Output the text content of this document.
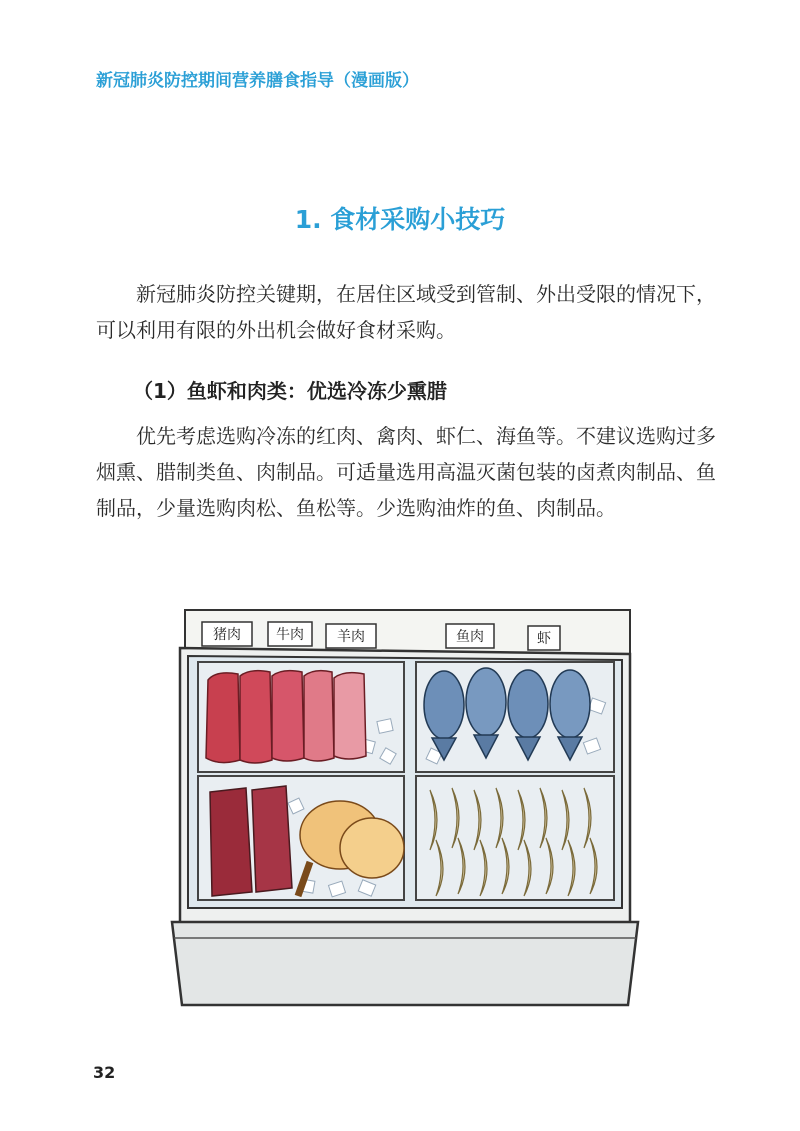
新冠肺炎防控期间营养膳食指导（漫画版）
1. 食材采购小技巧

新冠肺炎防控关键期，在居住区域受到管制、外出受限的情况下，可以利用有限的外出机会做好食材采购。

（1）鱼虾和肉类：优选冷冻少熏腊

优先考虑选购冷冻的红肉、禽肉、虾仁、海鱼等。不建议选购过多烟熏、腊制类鱼、肉制品。可适量选用高温灭菌包装的卤煮肉制品、鱼制品，少量选购肉松、鱼松等。少选购油炸的鱼、肉制品。

猪肉	牛肉 羊肉	鱼肉	虾
32
